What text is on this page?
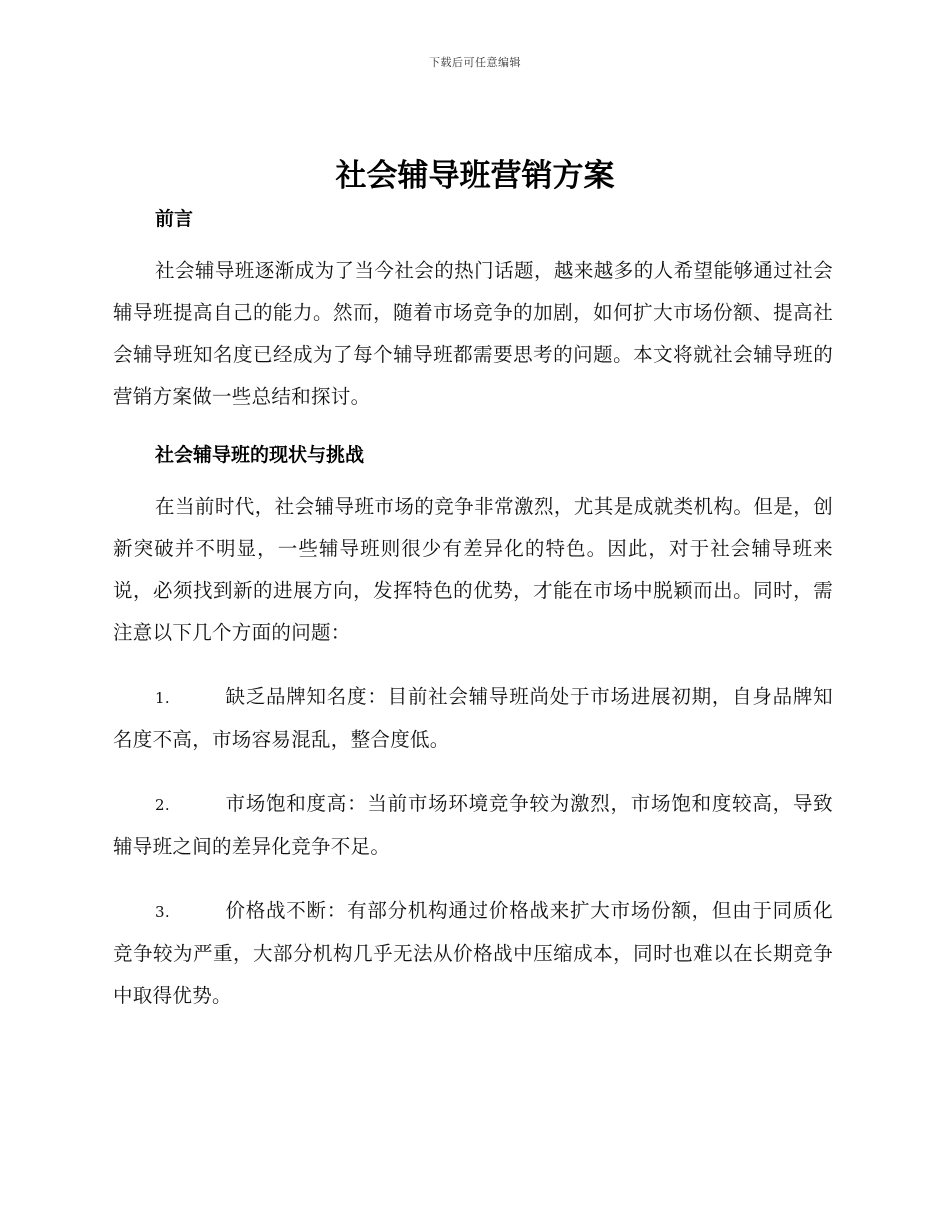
下载后可任意编辑
社会辅导班营销方案
前言

社会辅导班逐渐成为了当今社会的热门话题，越来越多的人希望能够通过社会辅导班提高自己的能力。然而，随着市场竞争的加剧，如何扩大市场份额、提高社会辅导班知名度已经成为了每个辅导班都需要思考的问题。本文将就社会辅导班的营销方案做一些总结和探讨。

社会辅导班的现状与挑战

在当前时代，社会辅导班市场的竞争非常激烈，尤其是成就类机构。但是，创新突破并不明显，一些辅导班则很少有差异化的特色。因此，对于社会辅导班来说，必须找到新的进展方向，发挥特色的优势，才能在市场中脱颖而出。同时，需注意以下几个方面的问题：

1.	缺乏品牌知名度：目前社会辅导班尚处于市场进展初期，自身品牌知名度不高，市场容易混乱，整合度低。

2.	市场饱和度高：当前市场环境竞争较为激烈，市场饱和度较高，导致辅导班之间的差异化竞争不足。

3.	价格战不断：有部分机构通过价格战来扩大市场份额，但由于同质化竞争较为严重，大部分机构几乎无法从价格战中压缩成本，同时也难以在长期竞争中取得优势。
